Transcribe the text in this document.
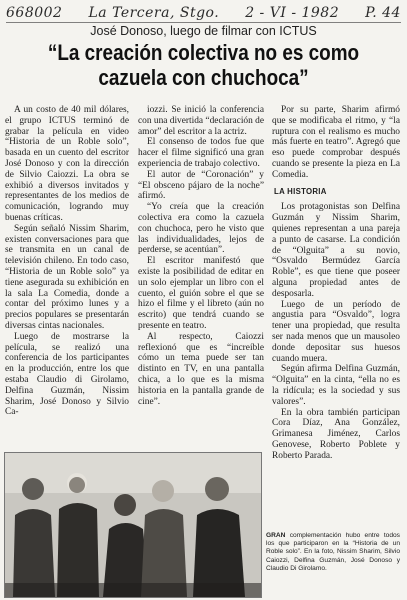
668002 La Tercera, Stgo. 2 - VI - 1982 P. 44
José Donoso, luego de filmar con ICTUS
“La creación colectiva no es como cazuela con chuchoca”

A un costo de 40 mil dólares, el grupo ICTUS terminó de grabar la película en video “Historia de un Roble solo”, basada en un cuento del escritor José Donoso y con la dirección de Silvio Caiozzi. La obra se exhibió a diversos invitados y representantes de los medios de comunicación, logrando muy buenas críticas.

Según señaló Nissim Sharim, existen conversaciones para que se transmita en un canal de televisión chileno. En todo caso, “Historia de un Roble solo” ya tiene asegurada su exhibición en la sala La Comedia, donde a contar del próximo lunes y a precios populares se presentarán diversas cintas nacionales.

Luego de mostrarse la película, se realizó una conferencia de los participantes en la producción, entre los que estaba Claudio di Girolamo, Delfina Guzmán, Nissim Sharim, José Donoso y Silvio Ca-

iozzi. Se inició la conferencia con una divertida “declaración de amor” del escritor a la actriz.

El consenso de todos fue que hacer el filme significó una gran experiencia de trabajo colectivo.

El autor de “Coronación” y “El obsceno pájaro de la noche” afirmó.

“Yo creía que la creación colectiva era como la cazuela con chuchoca, pero he visto que las individualidades, lejos de perderse, se acentúan”.

El escritor manifestó que existe la posibilidad de editar en un solo ejemplar un libro con el cuento, el guión sobre el que se hizo el filme y el libreto (aún no escrito) que tendrá cuando se presente en teatro.

Al respecto, Caiozzi reflexionó que es “increíble cómo un tema puede ser tan distinto en TV, en una pantalla chica, a lo que es la misma historia en la pantalla grande de cine”.

Por su parte, Sharim afirmó que se modificaba el ritmo, y “la ruptura con el realismo es mucho más fuerte en teatro”. Agregó que eso puede comprobar después cuando se presente la pieza en La Comedia.

LA HISTORIA

Los protagonistas son Delfina Guzmán y Nissim Sharim, quienes representan a una pareja a punto de casarse. La condición de “Olguita” a su novio, “Osvaldo Bermúdez García Roble”, es que tiene que poseer alguna propiedad antes de desposarla.

Luego de un período de angustia para “Osvaldo”, logra tener una propiedad, que resulta ser nada menos que un mausoleo donde depositar sus huesos cuando muera.

Según afirma Delfina Guzmán, “Olguita” en la cinta, “ella no es la ridícula; es la sociedad y sus valores”.

En la obra también participan Cora Díaz, Ana González, Grimanesa Jiménez, Carlos Genovese, Roberto Poblete y Roberto Parada.

GRAN complementación hubo entre todos los que participaron en la “Historia de un Roble solo”. En la foto, Nissim Sharim, Silvio Caiozzi, Delfina Guzmán, José Donoso y Claudio Di Girolamo.
